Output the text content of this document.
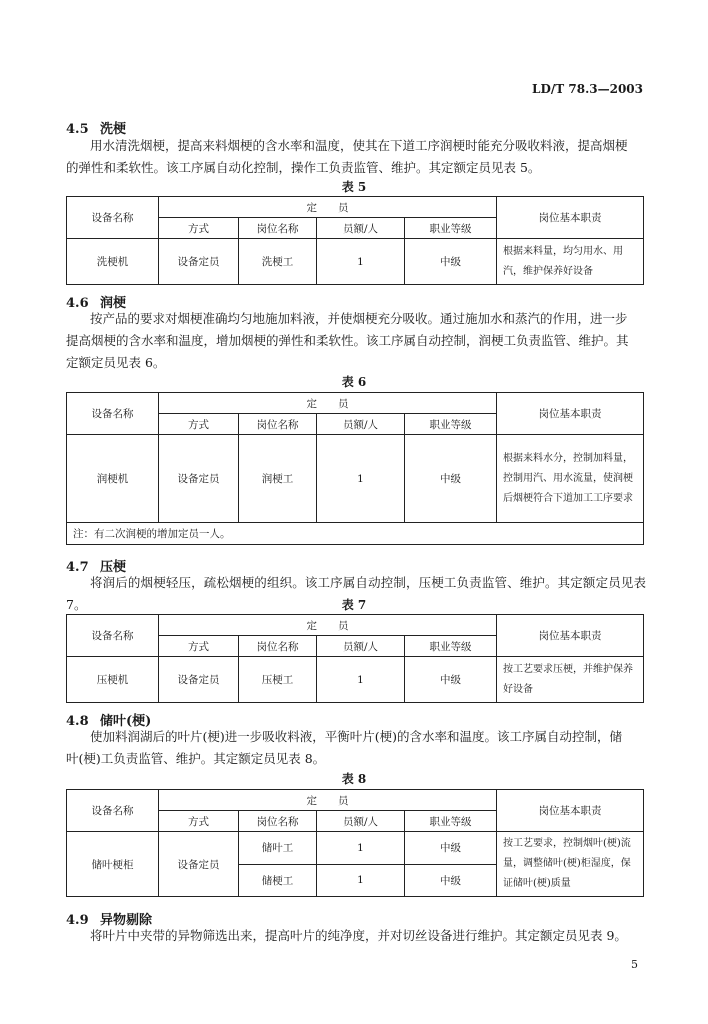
LD/T 78.3—2003
4.5 洗梗
用水清洗烟梗，提高来料烟梗的含水率和温度，使其在下道工序润梗时能充分吸收料液，提高烟梗
的弹性和柔软性。该工序属自动化控制，操作工负责监管、维护。其定额定员见表 5。
表 5
设备名称	定　　员				岗位基本职责
	方式	岗位名称	员额/人	职业等级	
洗梗机	设备定员	洗梗工	1	中级	根据来料量，均匀用水、用汽，维护保养好设备
4.6 润梗
按产品的要求对烟梗准确均匀地施加料液，并使烟梗充分吸收。通过施加水和蒸汽的作用，进一步
提高烟梗的含水率和温度，增加烟梗的弹性和柔软性。该工序属自动控制，润梗工负责监管、维护。其
定额定员见表 6。
表 6
设备名称	定　　员				岗位基本职责
	方式	岗位名称	员额/人	职业等级	
润梗机	设备定员	润梗工	1	中级	根据来料水分，控制加料量，控制用汽、用水流量，使润梗后烟梗符合下道加工工序要求
注：有二次润梗的增加定员一人。					
4.7 压梗
将润后的烟梗轻压，疏松烟梗的组织。该工序属自动控制，压梗工负责监管、维护。其定额定员见表 7。	表 7
设备名称	定　　员				岗位基本职责
	方式	岗位名称	员额/人	职业等级	
压梗机	设备定员	压梗工	1	中级	按工艺要求压梗，并维护保养好设备
4.8 储叶(梗)
使加料润湖后的叶片(梗)进一步吸收料液，平衡叶片(梗)的含水率和温度。该工序属自动控制，储
叶(梗)工负责监管、维护。其定额定员见表 8。
表 8
设备名称	定　　员				岗位基本职责
	方式	岗位名称	员额/人	职业等级	
储叶梗柜	设备定员	储叶工	1	中级	按工艺要求，控制烟叶(梗)流量，调整储叶(梗)柜湿度，保证储叶(梗)质量
		储梗工	1	中级	
4.9 异物剔除
将叶片中夹带的异物筛选出来，提高叶片的纯净度，并对切丝设备进行维护。其定额定员见表 9。
5
